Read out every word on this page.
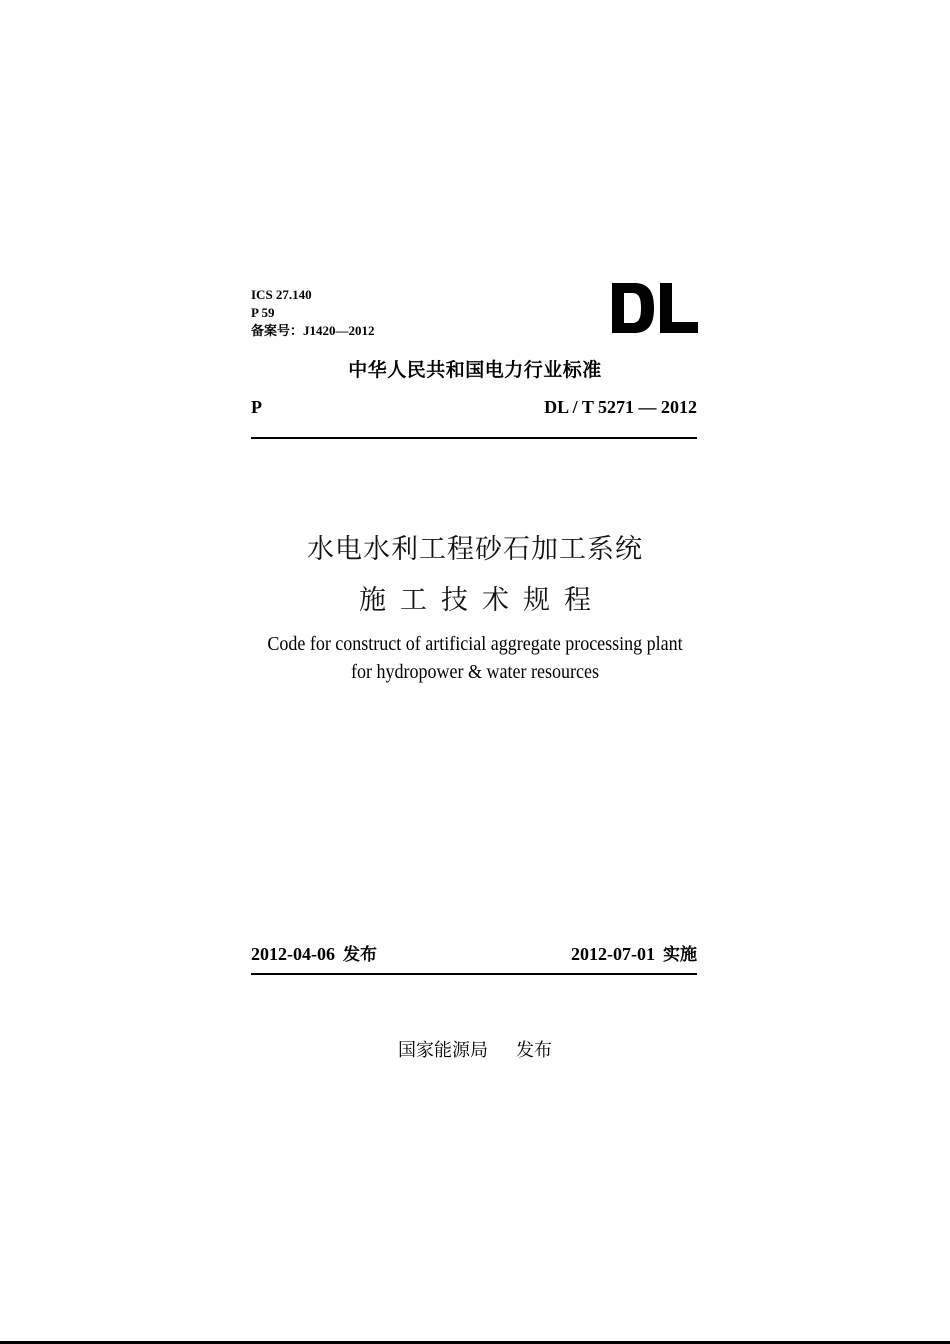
ICS 27.140
P 59
备案号：J1420—2012
中华人民共和国电力行业标准
P	DL / T 5271 — 2012
水电水利工程砂石加工系统
施工技术规程
Code for construct of artificial aggregate processing plant
for hydropower & water resources
2012-04-06 发布	2012-07-01 实施
国家能源局 发布
